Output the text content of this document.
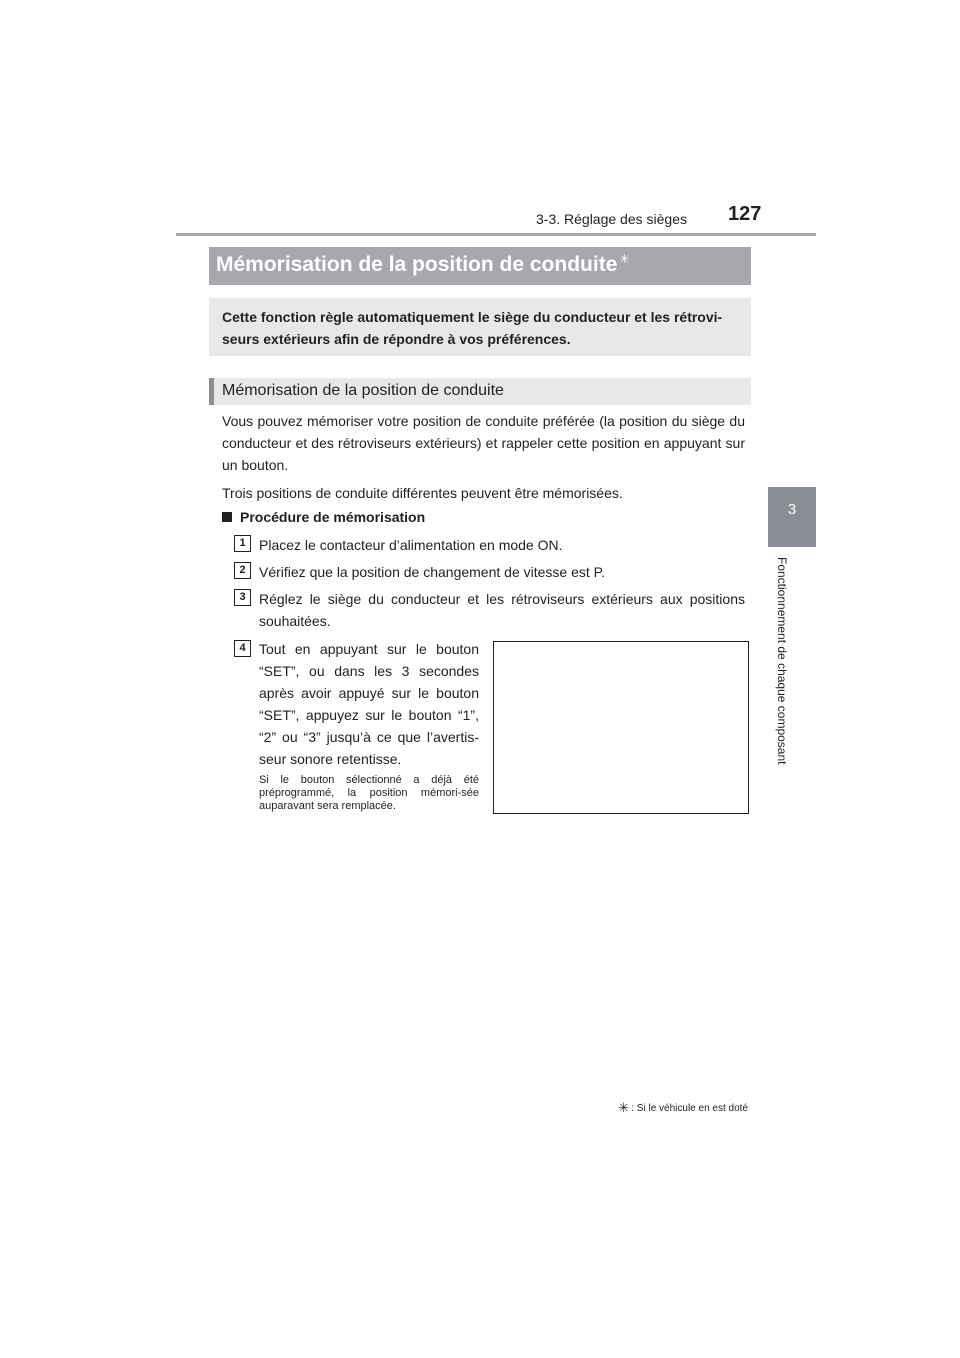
3-3. Réglage des sièges 127
3
Fonctionnement de chaque composant
Mémorisation de la position de conduite ✳
Cette fonction règle automatiquement le siège du conducteur et les rétrovi-seurs extérieurs afin de répondre à vos préférences.
Mémorisation de la position de conduite
Vous pouvez mémoriser votre position de conduite préférée (la position du siège du conducteur et des rétroviseurs extérieurs) et rappeler cette position en appuyant sur un bouton.
Trois positions de conduite différentes peuvent être mémorisées.
Procédure de mémorisation
1 Placez le contacteur d’alimentation en mode ON.
2 Vérifiez que la position de changement de vitesse est P.
3 Réglez le siège du conducteur et les rétroviseurs extérieurs aux positions souhaitées.
4 Tout en appuyant sur le bouton “SET”, ou dans les 3 secondes après avoir appuyé sur le bouton “SET”, appuyez sur le bouton “1”, “2” ou “3” jusqu’à ce que l’avertis-seur sonore retentisse.
Si le bouton sélectionné a déjà été préprogrammé, la position mémori-sée auparavant sera remplacée.
✳ : Si le véhicule en est doté
